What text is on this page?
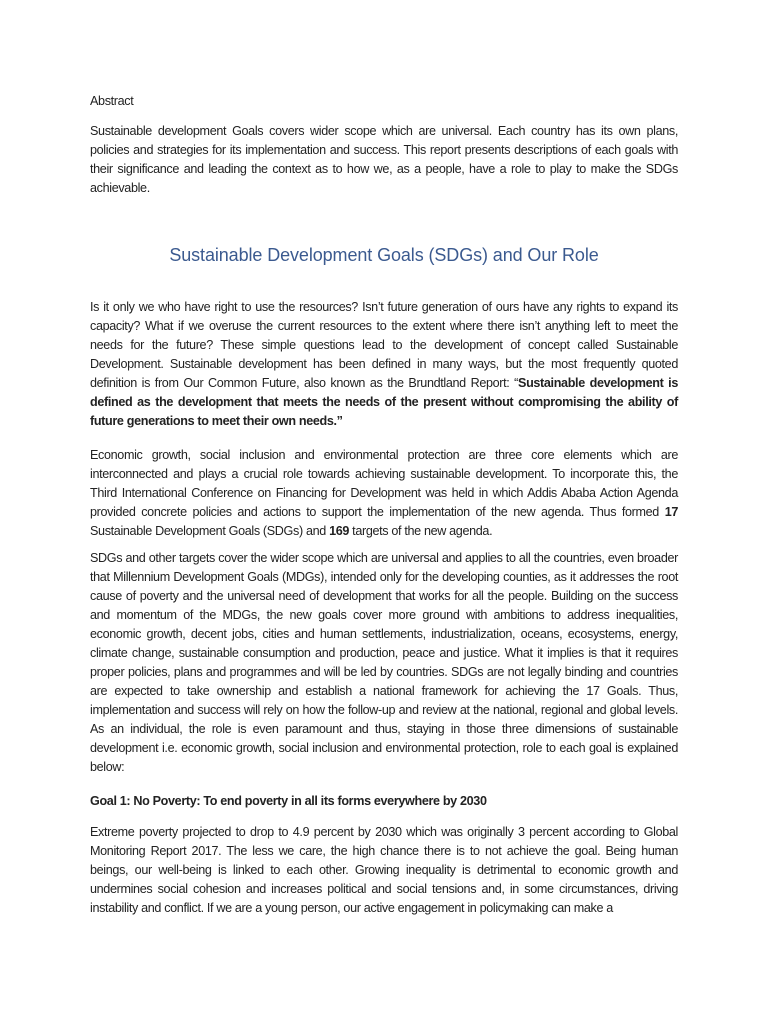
Abstract
Sustainable development Goals covers wider scope which are universal. Each country has its own plans, policies and strategies for its implementation and success. This report presents descriptions of each goals with their significance and leading the context as to how we, as a people, have a role to play to make the SDGs achievable.
Sustainable Development Goals (SDGs) and Our Role
Is it only we who have right to use the resources? Isn’t future generation of ours have any rights to expand its capacity? What if we overuse the current resources to the extent where there isn’t anything left to meet the needs for the future? These simple questions lead to the development of concept called Sustainable Development. Sustainable development has been defined in many ways, but the most frequently quoted definition is from Our Common Future, also known as the Brundtland Report: “Sustainable development is defined as the development that meets the needs of the present without compromising the ability of future generations to meet their own needs.”
Economic growth, social inclusion and environmental protection are three core elements which are interconnected and plays a crucial role towards achieving sustainable development. To incorporate this, the Third International Conference on Financing for Development was held in which Addis Ababa Action Agenda provided concrete policies and actions to support the implementation of the new agenda. Thus formed 17 Sustainable Development Goals (SDGs) and 169 targets of the new agenda.
SDGs and other targets cover the wider scope which are universal and applies to all the countries, even broader that Millennium Development Goals (MDGs), intended only for the developing counties, as it addresses the root cause of poverty and the universal need of development that works for all the people. Building on the success and momentum of the MDGs, the new goals cover more ground with ambitions to address inequalities, economic growth, decent jobs, cities and human settlements, industrialization, oceans, ecosystems, energy, climate change, sustainable consumption and production, peace and justice. What it implies is that it requires proper policies, plans and programmes and will be led by countries. SDGs are not legally binding and countries are expected to take ownership and establish a national framework for achieving the 17 Goals. Thus, implementation and success will rely on how the follow-up and review at the national, regional and global levels. As an individual, the role is even paramount and thus, staying in those three dimensions of sustainable development i.e. economic growth, social inclusion and environmental protection, role to each goal is explained below:
Goal 1: No Poverty: To end poverty in all its forms everywhere by 2030
Extreme poverty projected to drop to 4.9 percent by 2030 which was originally 3 percent according to Global Monitoring Report 2017. The less we care, the high chance there is to not achieve the goal. Being human beings, our well-being is linked to each other. Growing inequality is detrimental to economic growth and undermines social cohesion and increases political and social tensions and, in some circumstances, driving instability and conflict. If we are a young person, our active engagement in policymaking can make a
